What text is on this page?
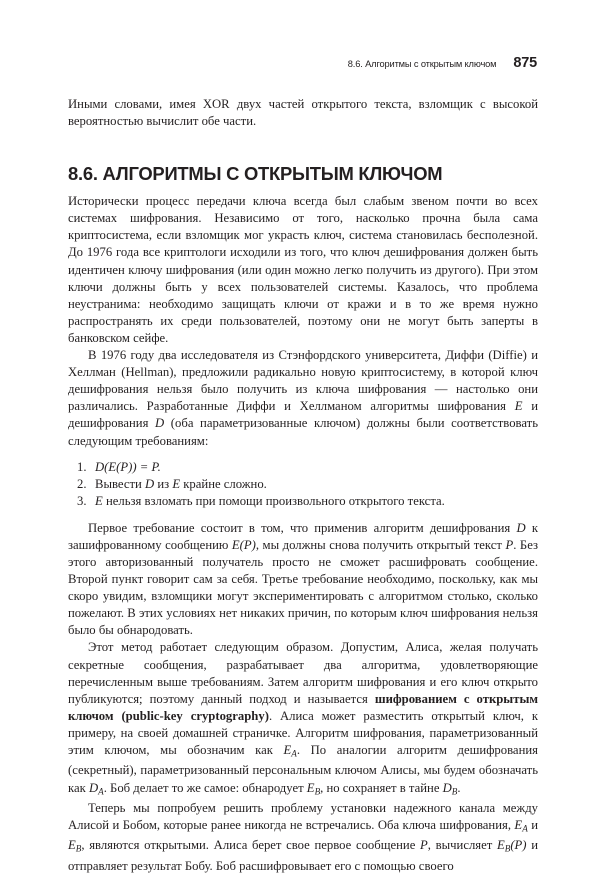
8.6. Алгоритмы с открытым ключом 875

Иными словами, имея XOR двух частей открытого текста, взломщик с высокой вероятностью вычислит обе части.

8.6. АЛГОРИТМЫ С ОТКРЫТЫМ КЛЮЧОМ

Исторически процесс передачи ключа всегда был слабым звеном почти во всех системах шифрования. Независимо от того, насколько прочна была сама криптосистема, если взломщик мог украсть ключ, система становилась бесполезной. До 1976 года все криптологи исходили из того, что ключ дешифрования должен быть идентичен ключу шифрования (или один можно легко получить из другого). При этом ключи должны быть у всех пользователей системы. Казалось, что проблема неустранима: необходимо защищать ключи от кражи и в то же время нужно распространять их среди пользователей, поэтому они не могут быть заперты в банковском сейфе.

В 1976 году два исследователя из Стэнфордского университета, Диффи (Diffie) и Хеллман (Hellman), предложили радикально новую криптосистему, в которой ключ дешифрования нельзя было получить из ключа шифрования — настолько они различались. Разработанные Диффи и Хеллманом алгоритмы шифрования E и дешифрования D (оба параметризованные ключом) должны были соответствовать следующим требованиям:

1. D(E(P)) = P.
2. Вывести D из E крайне сложно.
3. E нельзя взломать при помощи произвольного открытого текста.

Первое требование состоит в том, что применив алгоритм дешифрования D к зашифрованному сообщению E(P), мы должны снова получить открытый текст P. Без этого авторизованный получатель просто не сможет расшифровать сообщение. Второй пункт говорит сам за себя. Третье требование необходимо, поскольку, как мы скоро увидим, взломщики могут экспериментировать с алгоритмом столько, сколько пожелают. В этих условиях нет никаких причин, по которым ключ шифрования нельзя было бы обнародовать.

Этот метод работает следующим образом. Допустим, Алиса, желая получать секретные сообщения, разрабатывает два алгоритма, удовлетворяющие перечисленным выше требованиям. Затем алгоритм шифрования и его ключ открыто публикуются; поэтому данный подход и называется шифрованием с открытым ключом (public-key cryptography). Алиса может разместить открытый ключ, к примеру, на своей домашней страничке. Алгоритм шифрования, параметризованный этим ключом, мы обозначим как $E_A$. По аналогии алгоритм дешифрования (секретный), параметризованный персональным ключом Алисы, мы будем обозначать как $D_A$. Боб делает то же самое: обнародует $E_B$, но сохраняет в тайне $D_B$.

Теперь мы попробуем решить проблему установки надежного канала между Алисой и Бобом, которые ранее никогда не встречались. Оба ключа шифрования, $E_A$ и $E_B$, являются открытыми. Алиса берет свое первое сообщение P, вычисляет $E_B(P)$ и отправляет результат Бобу. Боб расшифровывает его с помощью своего
